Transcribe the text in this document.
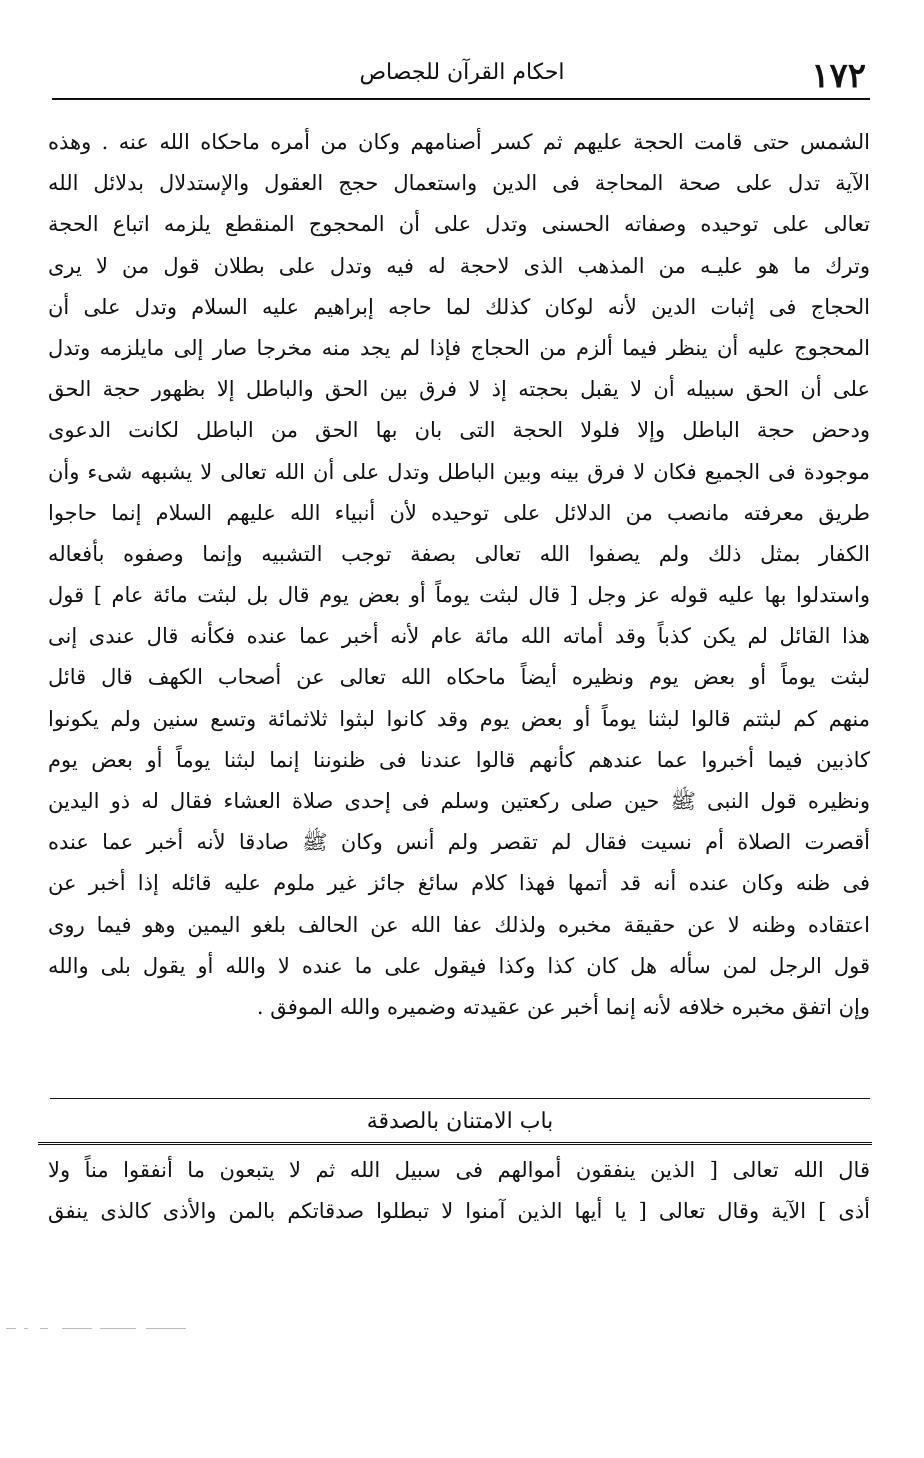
١٧٢
احكام القرآن للجصاص
الشمس حتى قامت الحجة عليهم ثم كسر أصنامهم وكان من أمره ماحكاه الله عنه . وهذه
الآية تدل على صحة المحاجة فى الدين واستعمال حجج العقول والإستدلال بدلائل الله
تعالى على توحيده وصفاته الحسنى وتدل على أن المحجوج المنقطع يلزمه اتباع الحجة
وترك ما هو عليـه من المذهب الذى لاحجة له فيه وتدل على بطلان قول من لا يرى
الحجاج فى إثبات الدين لأنه لوكان كذلك لما حاجه إبراهيم عليه السلام وتدل على أن
المحجوج عليه أن ينظر فيما ألزم من الحجاج فإذا لم يجد منه مخرجا صار إلى مايلزمه وتدل
على أن الحق سبيله أن لا يقبل بحجته إذ لا فرق بين الحق والباطل إلا بظهور حجة الحق
ودحض حجة الباطل وإلا فلولا الحجة التى بان بها الحق من الباطل لكانت الدعوى
موجودة فى الجميع فكان لا فرق بينه وبين الباطل وتدل على أن الله تعالى لا يشبهه شىء وأن
طريق معرفته مانصب من الدلائل على توحيده لأن أنبياء الله عليهم السلام إنما حاجوا
الكفار بمثل ذلك ولم يصفوا الله تعالى بصفة توجب التشبيه وإنما وصفوه بأفعاله
واستدلوا بها عليه قوله عز وجل [ قال لبثت يوماً أو بعض يوم قال بل لبثت مائة عام ] قول
هذا القائل لم يكن كذباً وقد أماته الله مائة عام لأنه أخبر عما عنده فكأنه قال عندى إنى
لبثت يوماً أو بعض يوم ونظيره أيضاً ماحكاه الله تعالى عن أصحاب الكهف قال قائل
منهم كم لبثتم قالوا لبثنا يوماً أو بعض يوم وقد كانوا لبثوا ثلاثمائة وتسع سنين ولم يكونوا
كاذبين فيما أخبروا عما عندهم كأنهم قالوا عندنا فى ظنوننا إنما لبثنا يوماً أو بعض يوم
ونظيره قول النبى ﷺ حين صلى ركعتين وسلم فى إحدى صلاة العشاء فقال له ذو اليدين
أقصرت الصلاة أم نسيت فقال لم تقصر ولم أنس وكان ﷺ صادقا لأنه أخبر عما عنده
فى ظنه وكان عنده أنه قد أتمها فهذا كلام سائغ جائز غير ملوم عليه قائله إذا أخبر عن
اعتقاده وظنه لا عن حقيقة مخبره ولذلك عفا الله عن الحالف بلغو اليمين وهو فيما روى
قول الرجل لمن سأله هل كان كذا وكذا فيقول على ما عنده لا والله أو يقول بلى والله
وإن اتفق مخبره خلافه لأنه إنما أخبر عن عقيدته وضميره والله الموفق .
باب الامتنان بالصدقة
قال الله تعالى [ الذين ينفقون أموالهم فى سبيل الله ثم لا يتبعون ما أنفقوا مناً ولا
أذى ] الآية وقال تعالى [ يا أيها الذين آمنوا لا تبطلوا صدقاتكم بالمن والأذى كالذى ينفق
